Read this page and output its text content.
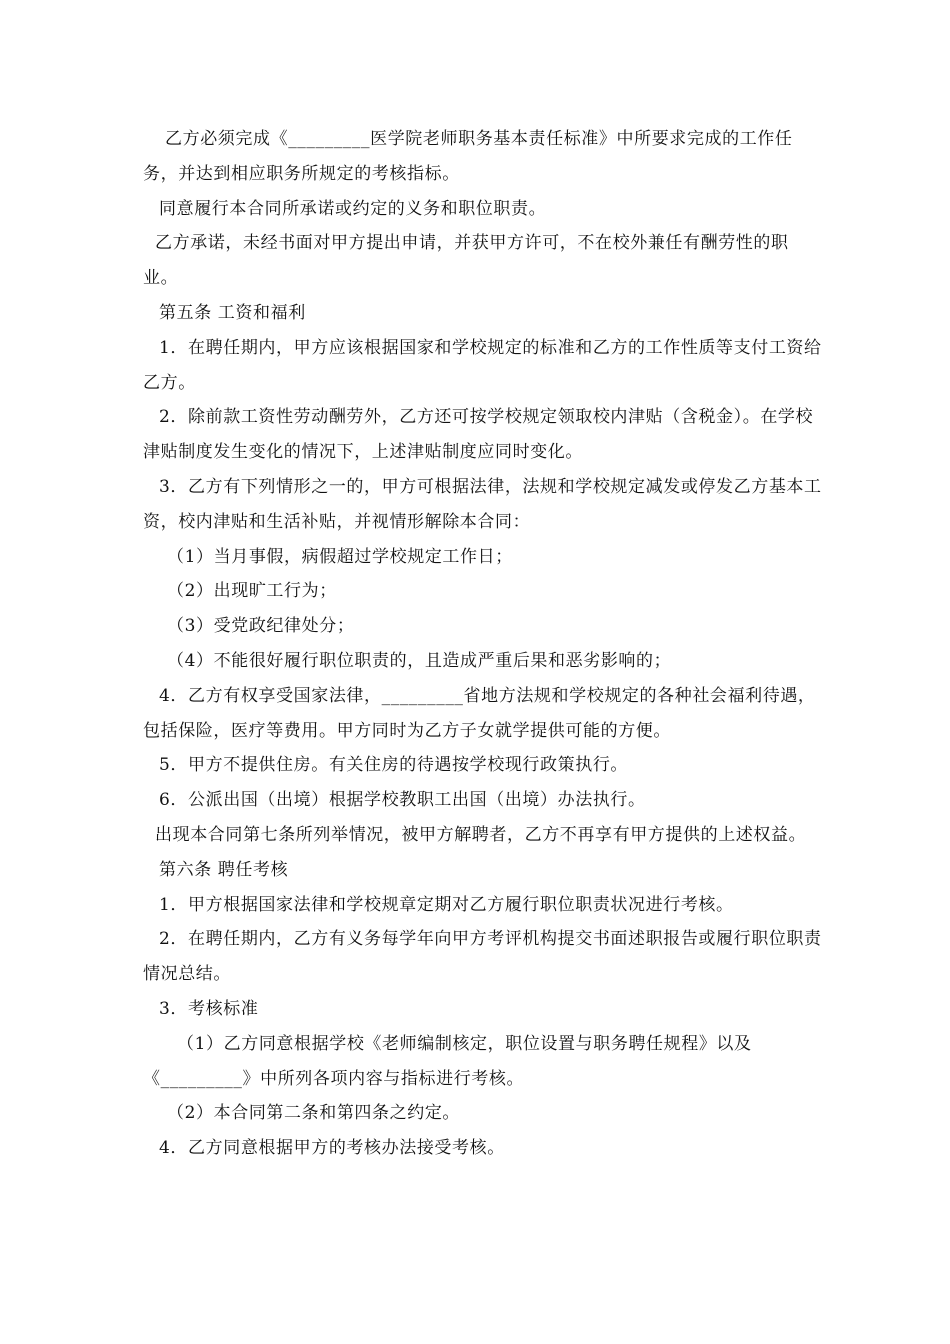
乙方必须完成《_________医学院老师职务基本责任标准》中所要求完成的工作任务，并达到相应职务所规定的考核指标。

同意履行本合同所承诺或约定的义务和职位职责。

乙方承诺，未经书面对甲方提出申请，并获甲方许可，不在校外兼任有酬劳性的职业。

第五条 工资和福利

1．在聘任期内，甲方应该根据国家和学校规定的标准和乙方的工作性质等支付工资给乙方。

2．除前款工资性劳动酬劳外，乙方还可按学校规定领取校内津贴（含税金）。在学校津贴制度发生变化的情况下，上述津贴制度应同时变化。

3．乙方有下列情形之一的，甲方可根据法律，法规和学校规定减发或停发乙方基本工资，校内津贴和生活补贴，并视情形解除本合同：

（1）当月事假，病假超过学校规定工作日；

（2）出现旷工行为；

（3）受党政纪律处分；

（4）不能很好履行职位职责的，且造成严重后果和恶劣影响的；

4．乙方有权享受国家法律，_________省地方法规和学校规定的各种社会福利待遇，包括保险，医疗等费用。甲方同时为乙方子女就学提供可能的方便。

5．甲方不提供住房。有关住房的待遇按学校现行政策执行。

6．公派出国（出境）根据学校教职工出国（出境）办法执行。

出现本合同第七条所列举情况，被甲方解聘者，乙方不再享有甲方提供的上述权益。

第六条 聘任考核

1．甲方根据国家法律和学校规章定期对乙方履行职位职责状况进行考核。

2．在聘任期内，乙方有义务每学年向甲方考评机构提交书面述职报告或履行职位职责情况总结。

3．考核标准

（1）乙方同意根据学校《老师编制核定，职位设置与职务聘任规程》以及《_________》中所列各项内容与指标进行考核。

（2）本合同第二条和第四条之约定。

4．乙方同意根据甲方的考核办法接受考核。
